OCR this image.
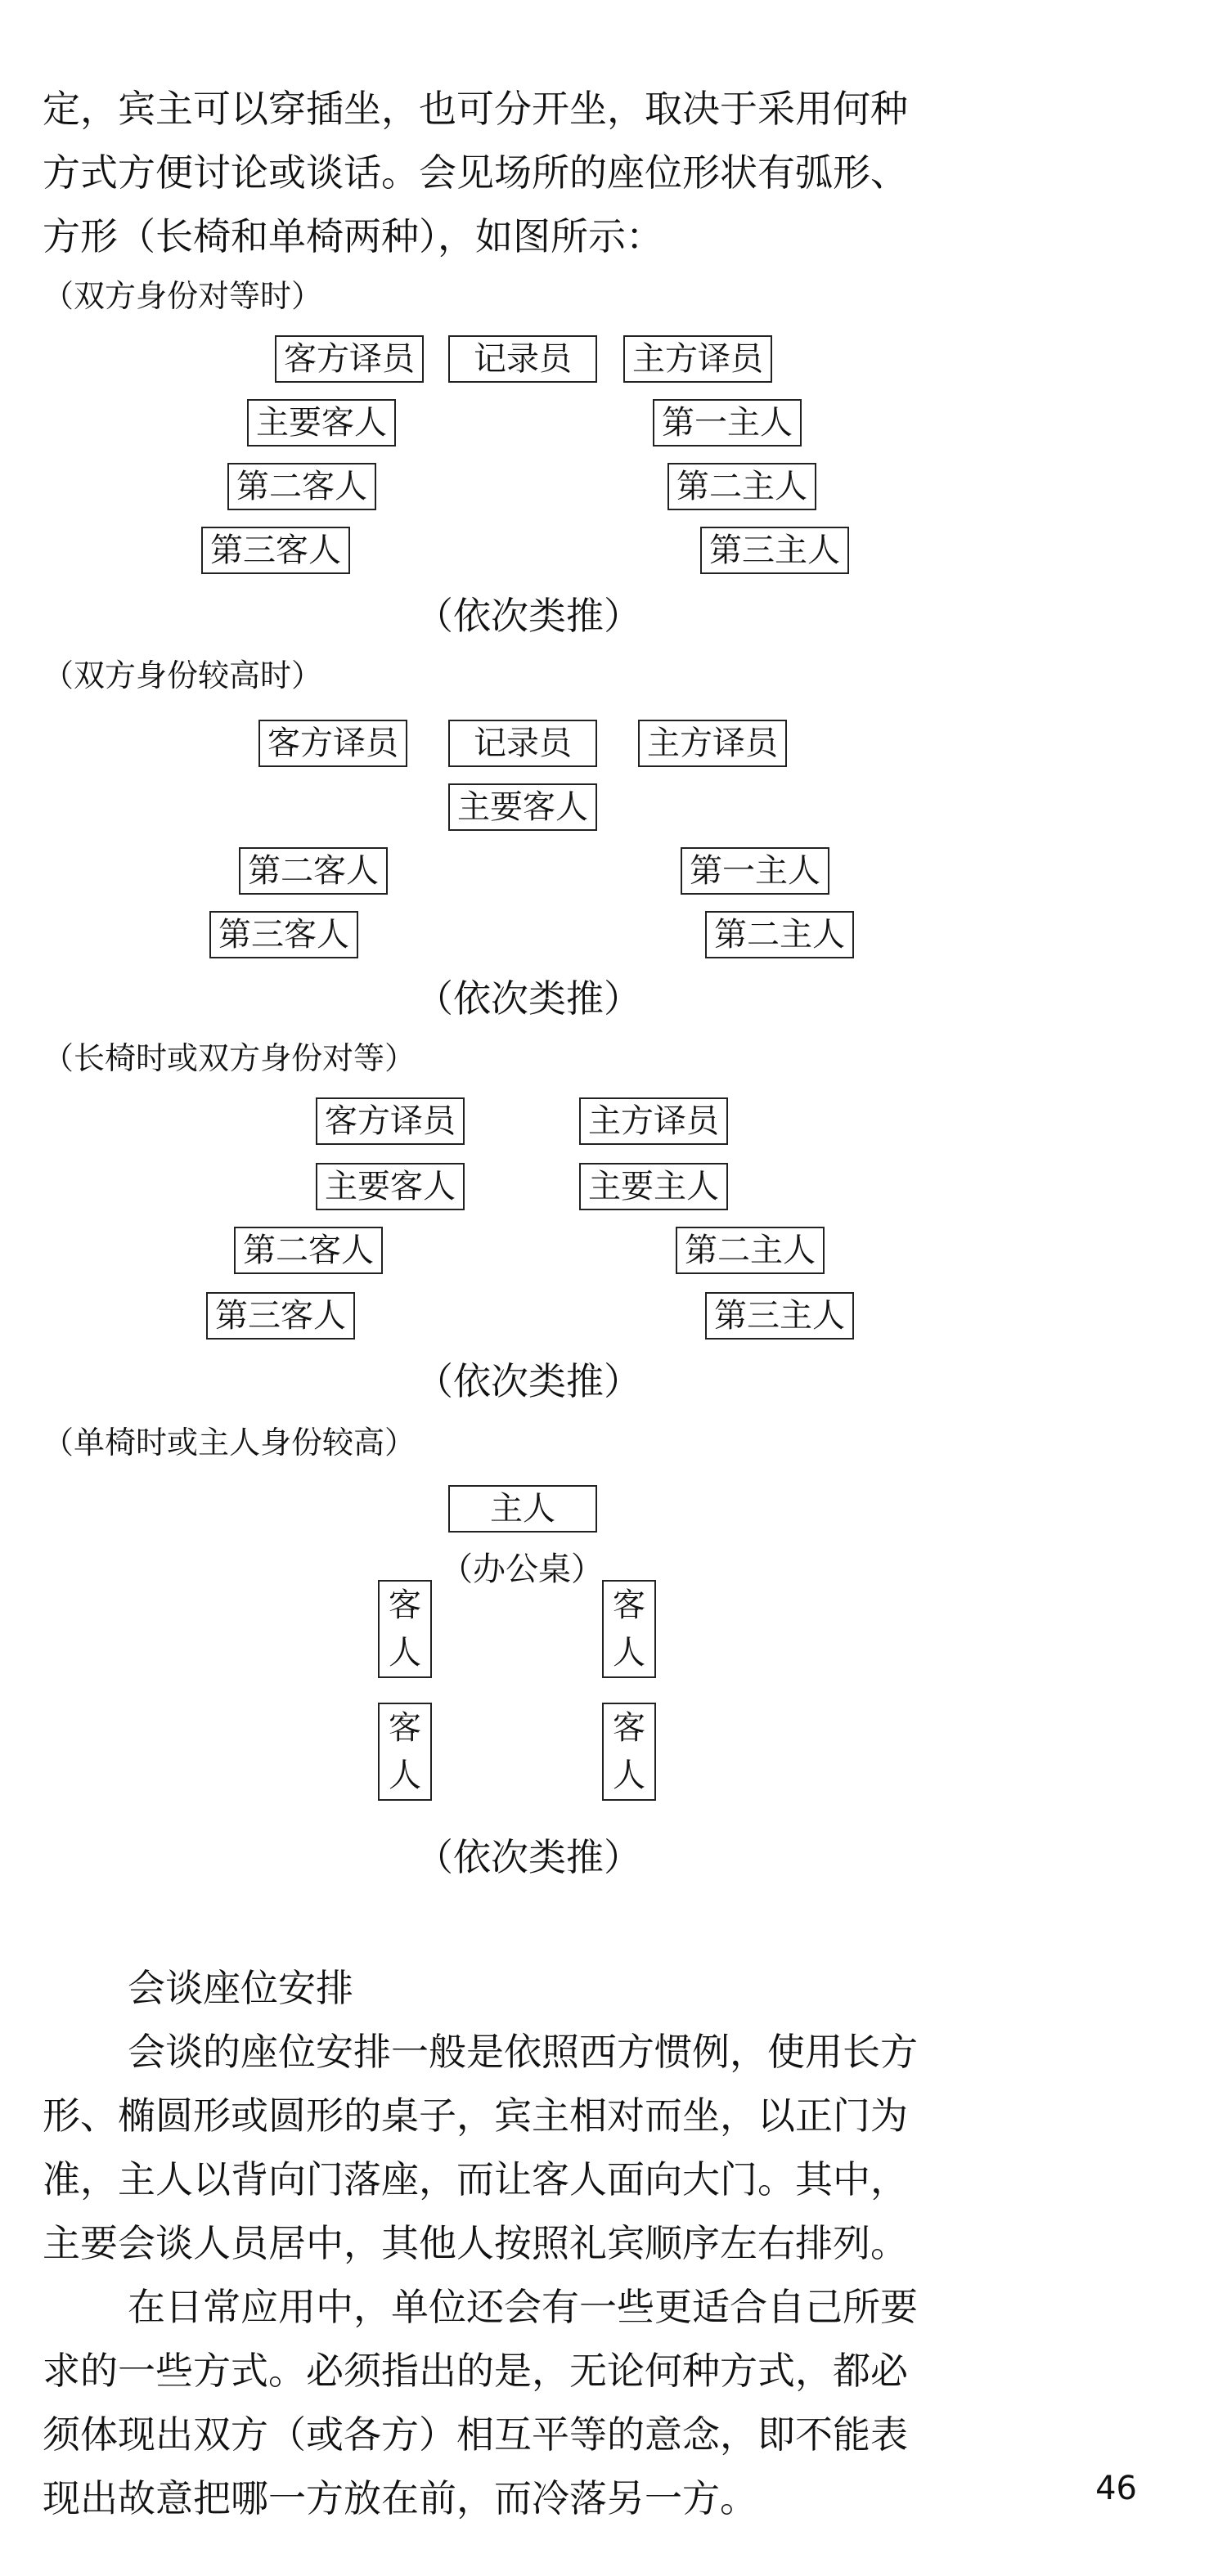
定，宾主可以穿插坐，也可分开坐，取决于采用何种
方式方便讨论或谈话。会见场所的座位形状有弧形、
方形（长椅和单椅两种），如图所示：
（双方身份对等时）
客方译员	记录员	主方译员
主要客人
第二客人
第三客人
第一主人
第二主人
第三主人
（依次类推）
（双方身份较高时）
客方译员	记录员	主方译员
主要客人
第二客人
第三客人
第一主人
第二主人
（依次类推）
（长椅时或双方身份对等）
客方译员
主要客人
第二客人
第三客人
主方译员
主要主人
第二主人
第三主人
（依次类推）
（单椅时或主人身份较高）
主人
（办公桌）
客
人
客
人
客
人
客
人
（依次类推）
会谈座位安排
会谈的座位安排一般是依照西方惯例，使用长方
形、椭圆形或圆形的桌子，宾主相对而坐，以正门为
准，主人以背向门落座，而让客人面向大门。其中，
主要会谈人员居中，其他人按照礼宾顺序左右排列。
在日常应用中，单位还会有一些更适合自己所要
求的一些方式。必须指出的是，无论何种方式，都必
须体现出双方（或各方）相互平等的意念，即不能表
现出故意把哪一方放在前，而冷落另一方。	46
